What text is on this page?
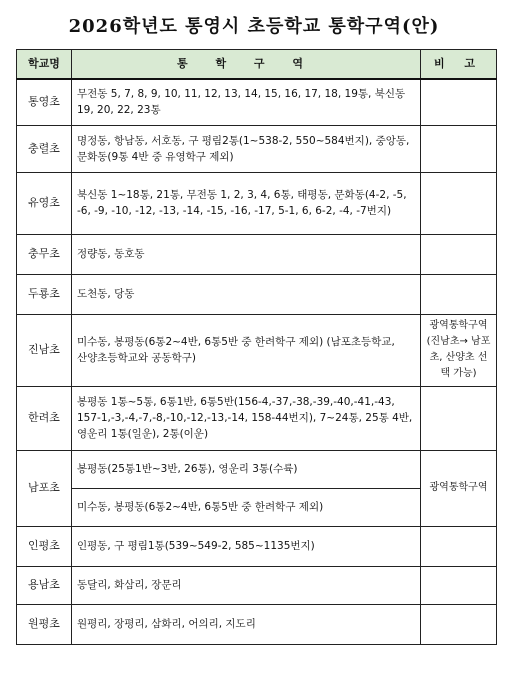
2026학년도 통영시 초등학교 통학구역(안)
학교명	통 학 구 역	비 고
통영초	무전동 5, 7, 8, 9, 10, 11, 12, 13, 14, 15, 16, 17, 18, 19통, 북신동 19, 20, 22, 23통	
충렬초	명정동, 항남동, 서호동, 구 평림2통(1~538-2, 550~584번지), 중앙동, 문화동(9통 4반 중 유영학구 제외)	
유영초	북신동 1~18통, 21통, 무전동 1, 2, 3, 4, 6통, 태평동, 문화동(4-2, -5, -6, -9, -10, -12, -13, -14, -15, -16, -17, 5-1, 6, 6-2, -4, -7번지)	
충무초	정량동, 동호동	
두룡초	도천동, 당동	
진남초	미수동, 봉평동(6통2~4반, 6통5반 중 한려학구 제외) (남포초등학교, 산양초등학교와 공동학구)	광역통학구역 (진남초→ 남포초, 산양초 선택 가능)
한려초	봉평동 1통~5통, 6통1반, 6통5반(156-4,-37,-38,-39,-40,-41,-43, 157-1,-3,-4,-7,-8,-10,-12,-13,-14, 158-44번지), 7~24통, 25통 4반, 영운리 1통(일운), 2통(이운)	
남포초	봉평동(25통1반~3반, 26통), 영운리 3통(수륙)	광역통학구역
	미수동, 봉평동(6통2~4반, 6통5반 중 한려학구 제외)	
인평초	인평동, 구 평림1통(539~549-2, 585~1135번지)	
용남초	동달리, 화삼리, 장문리	
원평초	원평리, 장평리, 삼화리, 어의리, 지도리	
